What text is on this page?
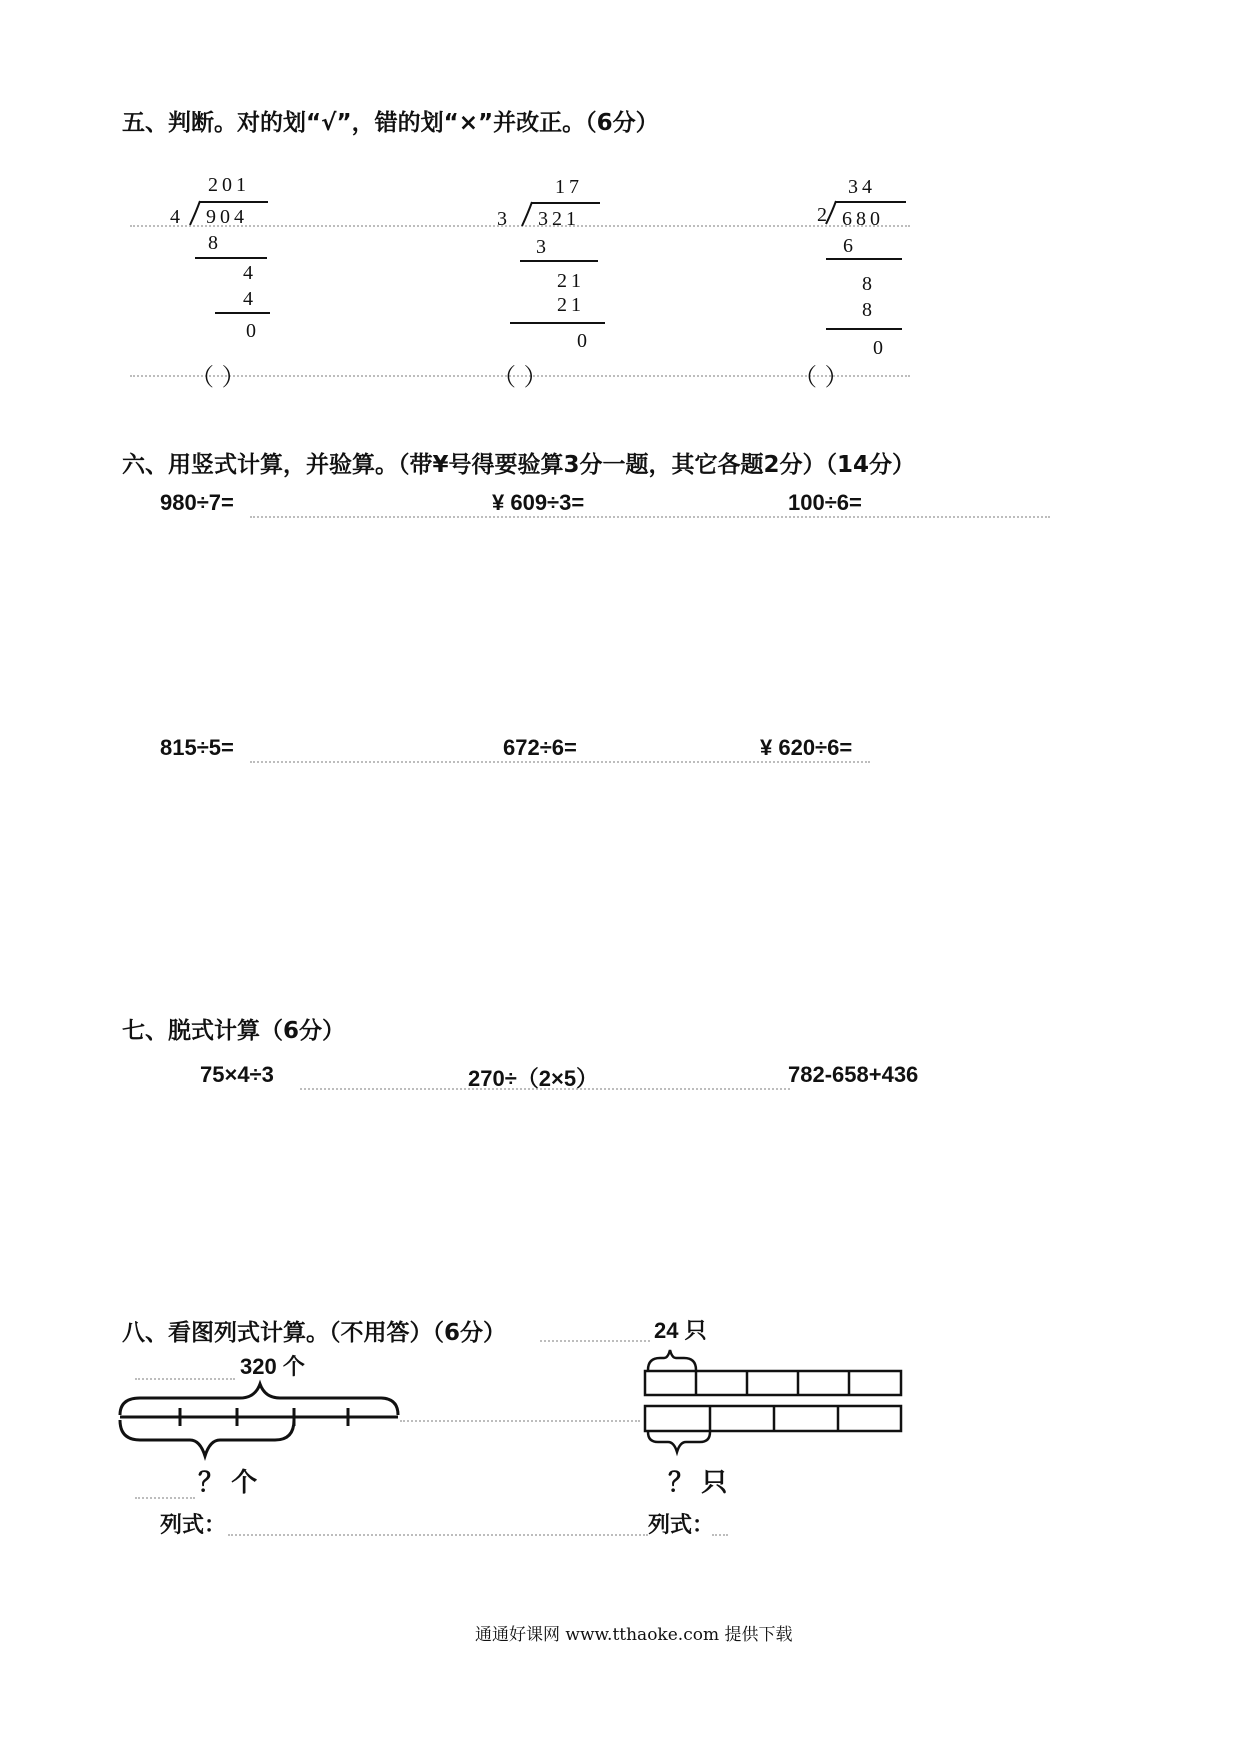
五、判断。对的划“√”，错的划“×”并改正。（6分）
201
4 904
8
4
4
0
（ ）
17
3 321
3
21
21
0
（ ）
34
2 680
6
8
8
0
（ ）
六、用竖式计算，并验算。（带¥号得要验算3分一题，其它各题2分）（14分）
980÷7=	¥ 609÷3=	100÷6=
815÷5=	672÷6=	¥ 620÷6=
七、脱式计算（6分）
75×4÷3	270÷（2×5）	782-658+436
八、看图列式计算。（不用答）（6分）
320 个
24 只
？ 个	？ 只
列式：	列式：
通通好课网 www.tthaoke.com 提供下载
